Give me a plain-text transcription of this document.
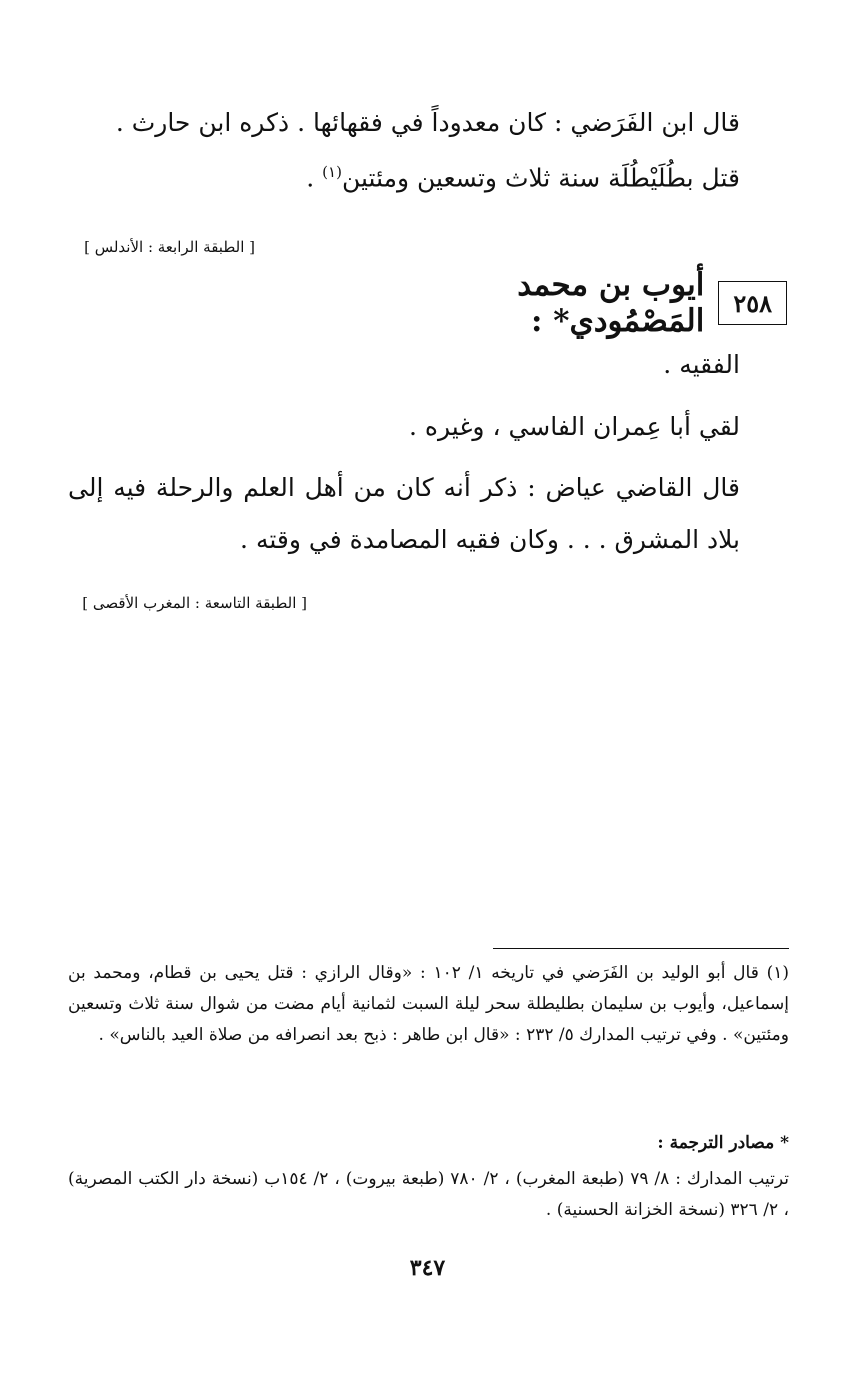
قال ابن الفَرَضي : كان معدوداً في فقهائها . ذكره ابن حارث .
قتل بطُلَيْطُلَة سنة ثلاث وتسعين ومئتين$^{(١)}$ .
[ الطبقة الرابعة : الأندلس ]
٢٥٨
أيوب بن محمد المَصْمُودي* :
الفقيه .
لقي أبا عِمران الفاسي ، وغيره .
قال القاضي عياض : ذكر أنه كان من أهل العلم والرحلة فيه إلى بلاد المشرق . . . وكان فقيه المصامدة في وقته .
[ الطبقة التاسعة : المغرب الأقصى ]
(١) قال أبو الوليد بن الفَرَضي في تاريخه ١/ ١٠٢ : «وقال الرازي : قتل يحيى بن قطام، ومحمد بن إسماعيل، وأيوب بن سليمان بطليطلة سحر ليلة السبت لثمانية أيام مضت من شوال سنة ثلاث وتسعين ومئتين» . وفي ترتيب المدارك ٥/ ٢٣٢ : «قال ابن طاهر : ذبح بعد انصرافه من صلاة العيد بالناس» .
* مصادر الترجمة :
ترتيب المدارك : ٨/ ٧٩ (طبعة المغرب) ، ٢/ ٧٨٠ (طبعة بيروت) ، ٢/ ١٥٤ب (نسخة دار الكتب المصرية) ، ٢/ ٣٢٦ (نسخة الخزانة الحسنية) .
٣٤٧
